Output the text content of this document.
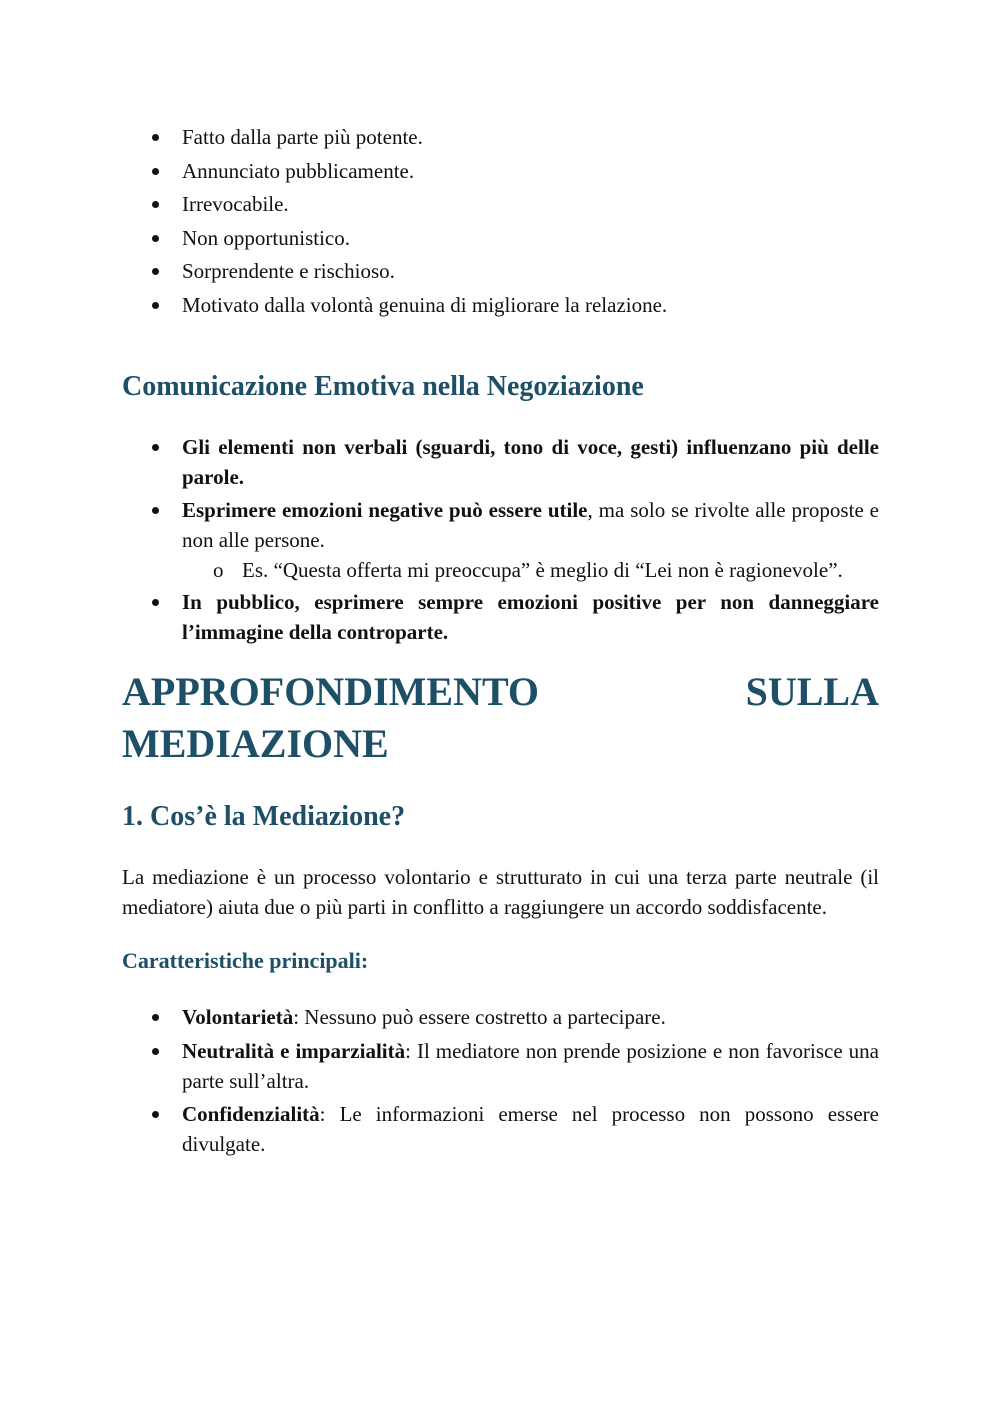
Fatto dalla parte più potente.
Annunciato pubblicamente.
Irrevocabile.
Non opportunistico.
Sorprendente e rischioso.
Motivato dalla volontà genuina di migliorare la relazione.
Comunicazione Emotiva nella Negoziazione
Gli elementi non verbali (sguardi, tono di voce, gesti) influenzano più delle parole.
Esprimere emozioni negative può essere utile, ma solo se rivolte alle proposte e non alle persone.
o Es. “Questa offerta mi preoccupa” è meglio di “Lei non è ragionevole”.
In pubblico, esprimere sempre emozioni positive per non danneggiare l’immagine della controparte.
APPROFONDIMENTO	SULLA
MEDIAZIONE
1. Cos’è la Mediazione?

La mediazione è un processo volontario e strutturato in cui una terza parte neutrale (il mediatore) aiuta due o più parti in conflitto a raggiungere un accordo soddisfacente.

Caratteristiche principali:
Volontarietà: Nessuno può essere costretto a partecipare.
Neutralità e imparzialità: Il mediatore non prende posizione e non favorisce una parte sull’altra.
Confidenzialità: Le informazioni emerse nel processo non possono essere divulgate.
